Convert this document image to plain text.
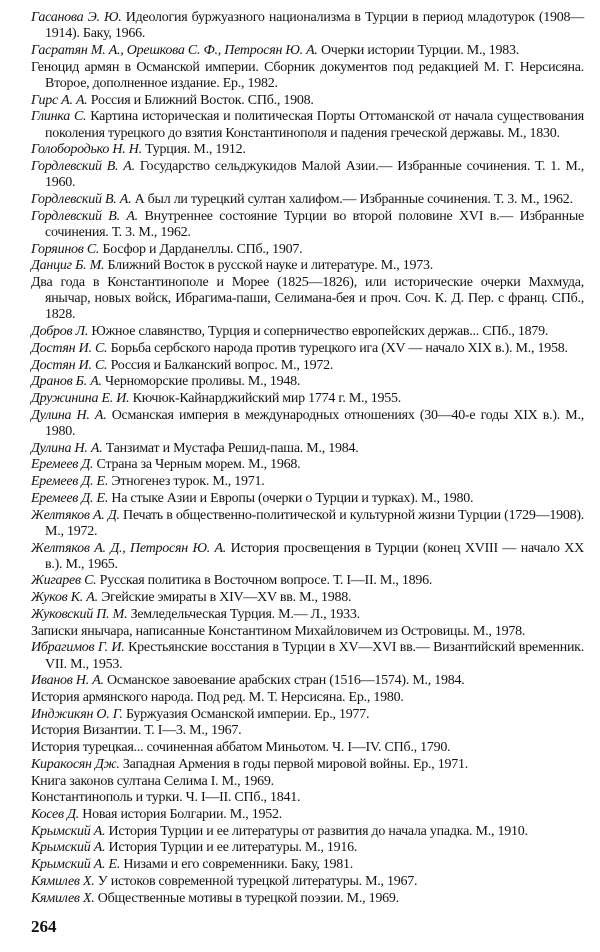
Гасанова Э. Ю. Идеология буржуазного национализма в Турции в период младотурок (1908—1914). Баку, 1966.

Гасратян М. А., Орешкова С. Ф., Петросян Ю. А. Очерки истории Турции. М., 1983.

Геноцид армян в Османской империи. Сборник документов под редакцией М. Г. Нерсисяна. Второе, дополненное издание. Ер., 1982.

Гирс А. А. Россия и Ближний Восток. СПб., 1908.

Глинка С. Картина историческая и политическая Порты Оттоманской от начала существования поколения турецкого до взятия Константинополя и падения греческой державы. М., 1830.

Голобородько Н. Н. Турция. М., 1912.

Гордлевский В. А. Государство сельджукидов Малой Азии.— Избранные сочинения. Т. 1. М., 1960.

Гордлевский В. А. А был ли турецкий султан халифом.— Избранные сочинения. Т. 3. М., 1962.

Гордлевский В. А. Внутреннее состояние Турции во второй половине XVI в.— Избранные сочинения. Т. 3. М., 1962.

Горяинов С. Босфор и Дарданеллы. СПб., 1907.

Данциг Б. М. Ближний Восток в русской науке и литературе. М., 1973.

Два года в Константинополе и Морее (1825—1826), или исторические очерки Махмуда, янычар, новых войск, Ибрагима-паши, Селимана-бея и проч. Соч. К. Д. Пер. с франц. СПб., 1828.

Добров Л. Южное славянство, Турция и соперничество европейских держав... СПб., 1879.

Достян И. С. Борьба сербского народа против турецкого ига (XV — начало XIX в.). М., 1958.

Достян И. С. Россия и Балканский вопрос. М., 1972.

Дранов Б. А. Черноморские проливы. М., 1948.

Дружинина Е. И. Кючюк-Кайнарджийский мир 1774 г. М., 1955.

Дулина Н. А. Османская империя в международных отношениях (30—40-е годы XIX в.). М., 1980.

Дулина Н. А. Танзимат и Мустафа Решид-паша. М., 1984.

Еремеев Д. Страна за Черным морем. М., 1968.

Еремеев Д. Е. Этногенез турок. М., 1971.

Еремеев Д. Е. На стыке Азии и Европы (очерки о Турции и турках). М., 1980.

Желтяков А. Д. Печать в общественно-политической и культурной жизни Турции (1729—1908). М., 1972.

Желтяков А. Д., Петросян Ю. А. История просвещения в Турции (конец XVIII — начало XX в.). М., 1965.

Жигарев С. Русская политика в Восточном вопросе. Т. I—II. М., 1896.

Жуков К. А. Эгейские эмираты в XIV—XV вв. М., 1988.

Жуковский П. М. Земледельческая Турция. М.— Л., 1933.

Записки янычара, написанные Константином Михайловичем из Островицы. М., 1978.

Ибрагимов Г. И. Крестьянские восстания в Турции в XV—XVI вв.— Византийский временник. VII. М., 1953.

Иванов Н. А. Османское завоевание арабских стран (1516—1574). М., 1984.

История армянского народа. Под ред. М. Т. Нерсисяна. Ер., 1980.

Инджикян О. Г. Буржуазия Османской империи. Ер., 1977.

История Византии. Т. I—3. М., 1967.

История турецкая... сочиненная аббатом Миньотом. Ч. I—IV. СПб., 1790.

Киракосян Дж. Западная Армения в годы первой мировой войны. Ер., 1971.

Книга законов султана Селима I. М., 1969.

Константинополь и турки. Ч. I—II. СПб., 1841.

Косев Д. Новая история Болгарии. М., 1952.

Крымский А. История Турции и ее литературы от развития до начала упадка. М., 1910.

Крымский А. История Турции и ее литературы. М., 1916.

Крымский А. Е. Низами и его современники. Баку, 1981.

Кямилев Х. У истоков современной турецкой литературы. М., 1967.

Кямилев Х. Общественные мотивы в турецкой поэзии. М., 1969.

264
